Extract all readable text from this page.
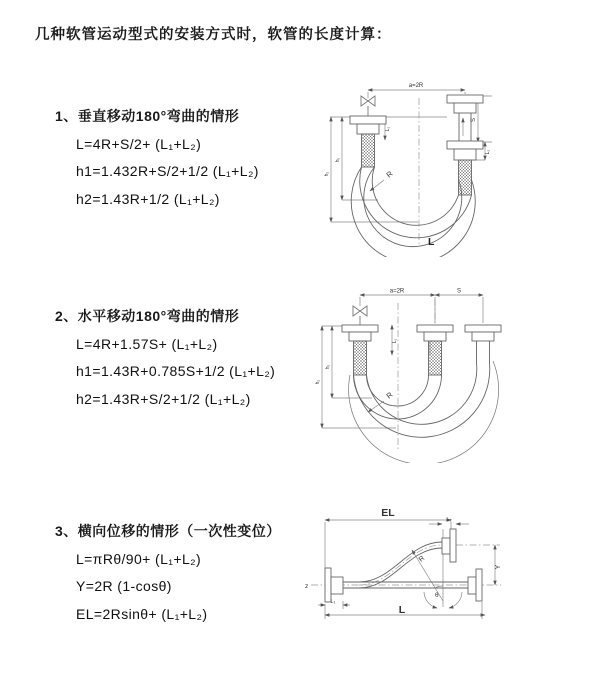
几种软管运动型式的安装方式时，软管的长度计算：
1、垂直移动180°弯曲的情形
L=4R+S/2+ (L₁+L₂)
h1=1.432R+S/2+1/2 (L₁+L₂)
h2=1.43R+1/2 (L₁+L₂)
2、水平移动180°弯曲的情形
L=4R+1.57S+ (L₁+L₂)
h1=1.43R+0.785S+1/2 (L₁+L₂)
h2=1.43R+S/2+1/2 (L₁+L₂)
3、横向位移的情形（一次性变位）
L=πRθ/90+ (L₁+L₂)
Y=2R (1-cosθ)
EL=2Rsinθ+ (L₁+L₂)
a=2R
h₁
h₂
L₁
S
L₂
R
L
a=2R	S
h₁
h₂
L₁
R
EL
L₂
Y
R
θ
L
L₁
z
